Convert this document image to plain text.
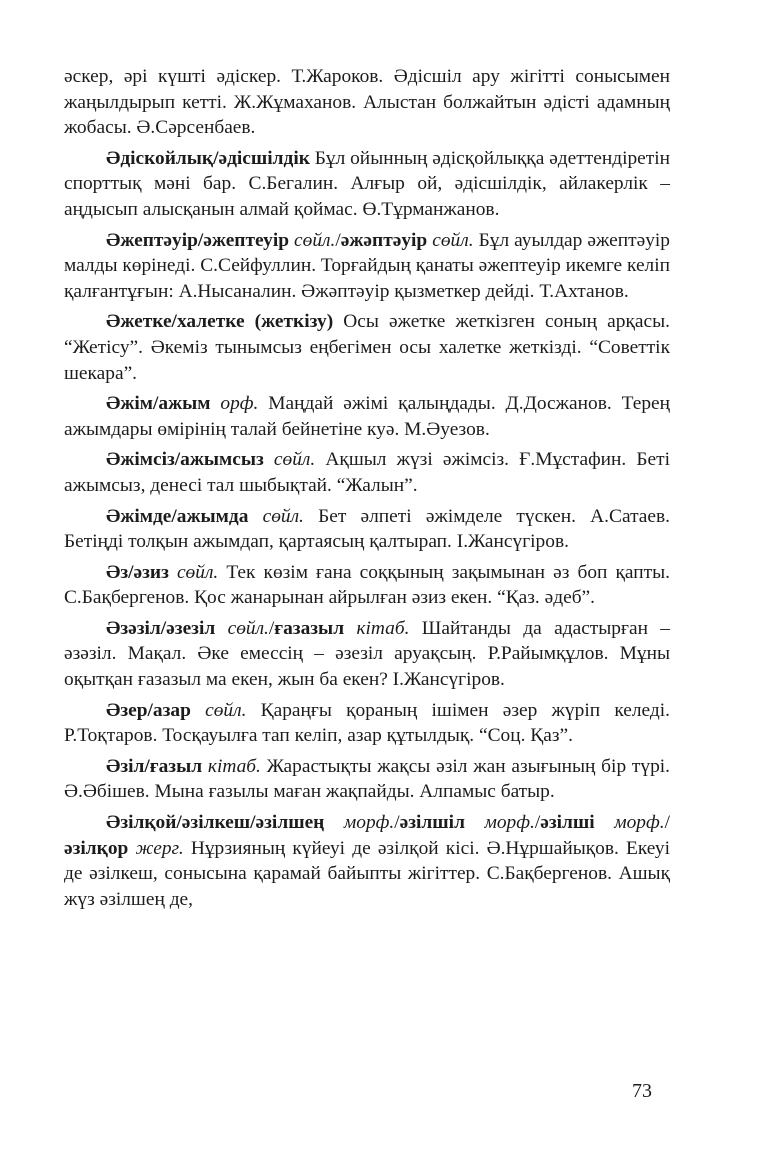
әскер, әрі күшті әдіскер. Т.Жароков. Әдісшіл ару жігітті сонысымен жаңылдырып кетті. Ж.Жұмаханов. Алыстан болжайтын әдісті адамның жобасы. Ә.Сәрсенбаев.

Әдіскойлық/әдісшілдік Бұл ойынның әдісқойлыққа әдеттендіретін спорттық мәні бар. С.Бегалин. Алғыр ой, әдісшілдік, айлакерлік – аңдысып алысқанын алмай қоймас. Ө.Тұрманжанов.

Әжептәуір/әжептеуір сөйл./әжәптәуір сөйл. Бұл ауылдар әжептәуір малды көрінеді. С.Сейфуллин. Торғайдың қанаты әжептеуір икемге келіп қалғантұғын: А.Нысаналин. Әжәптәуір қызметкер дейді. Т.Ахтанов.

Әжетке/халетке (жеткізу) Осы әжетке жеткізген соның арқасы. “Жетісу”. Әкеміз тынымсыз еңбегімен осы халетке жеткізді. “Советтік шекара”.

Әжім/ажым орф. Маңдай әжімі қалыңдады. Д.Досжанов. Терең ажымдары өмірінің талай бейнетіне куә. М.Әуезов.

Әжімсіз/ажымсыз сөйл. Ақшыл жүзі әжімсіз. Ғ.Мұстафин. Беті ажымсыз, денесі тал шыбықтай. “Жалын”.

Әжімде/ажымда сөйл. Бет әлпеті әжімделе түскен. А.Сатаев. Бетіңді толқын ажымдап, қартаясың қалтырап. І.Жансүгіров.

Әз/әзиз сөйл. Тек көзім ғана соққының зақымынан әз боп қапты. С.Бақбергенов. Қос жанарынан айрылған әзиз екен. “Қаз. әдеб”.

Әзәзіл/әзезіл сөйл./ғазазыл кітаб. Шайтанды да адастырған – әзәзіл. Мақал. Әке емессің – әзезіл аруақсың. Р.Райымқұлов. Мұны оқытқан ғазазыл ма екен, жын ба екен? І.Жансүгіров.

Әзер/азар сөйл. Қараңғы қораның ішімен әзер жүріп келеді. Р.Тоқтаров. Тосқауылға тап келіп, азар құтылдық. “Соц. Қаз”.

Әзіл/ғазыл кітаб. Жарастықты жақсы әзіл жан азығының бір түрі. Ә.Әбішев. Мына ғазылы маған жақпайды. Алпамыс батыр.

Әзілқой/әзілкеш/әзілшең морф./әзілшіл морф./әзілші морф./әзілқор жерг. Нұрзияның күйеуі де әзілқой кісі. Ә.Нұршайықов. Екеуі де әзілкеш, сонысына қарамай байыпты жігіттер. С.Бақбергенов. Ашық жүз әзілшең де,

73
